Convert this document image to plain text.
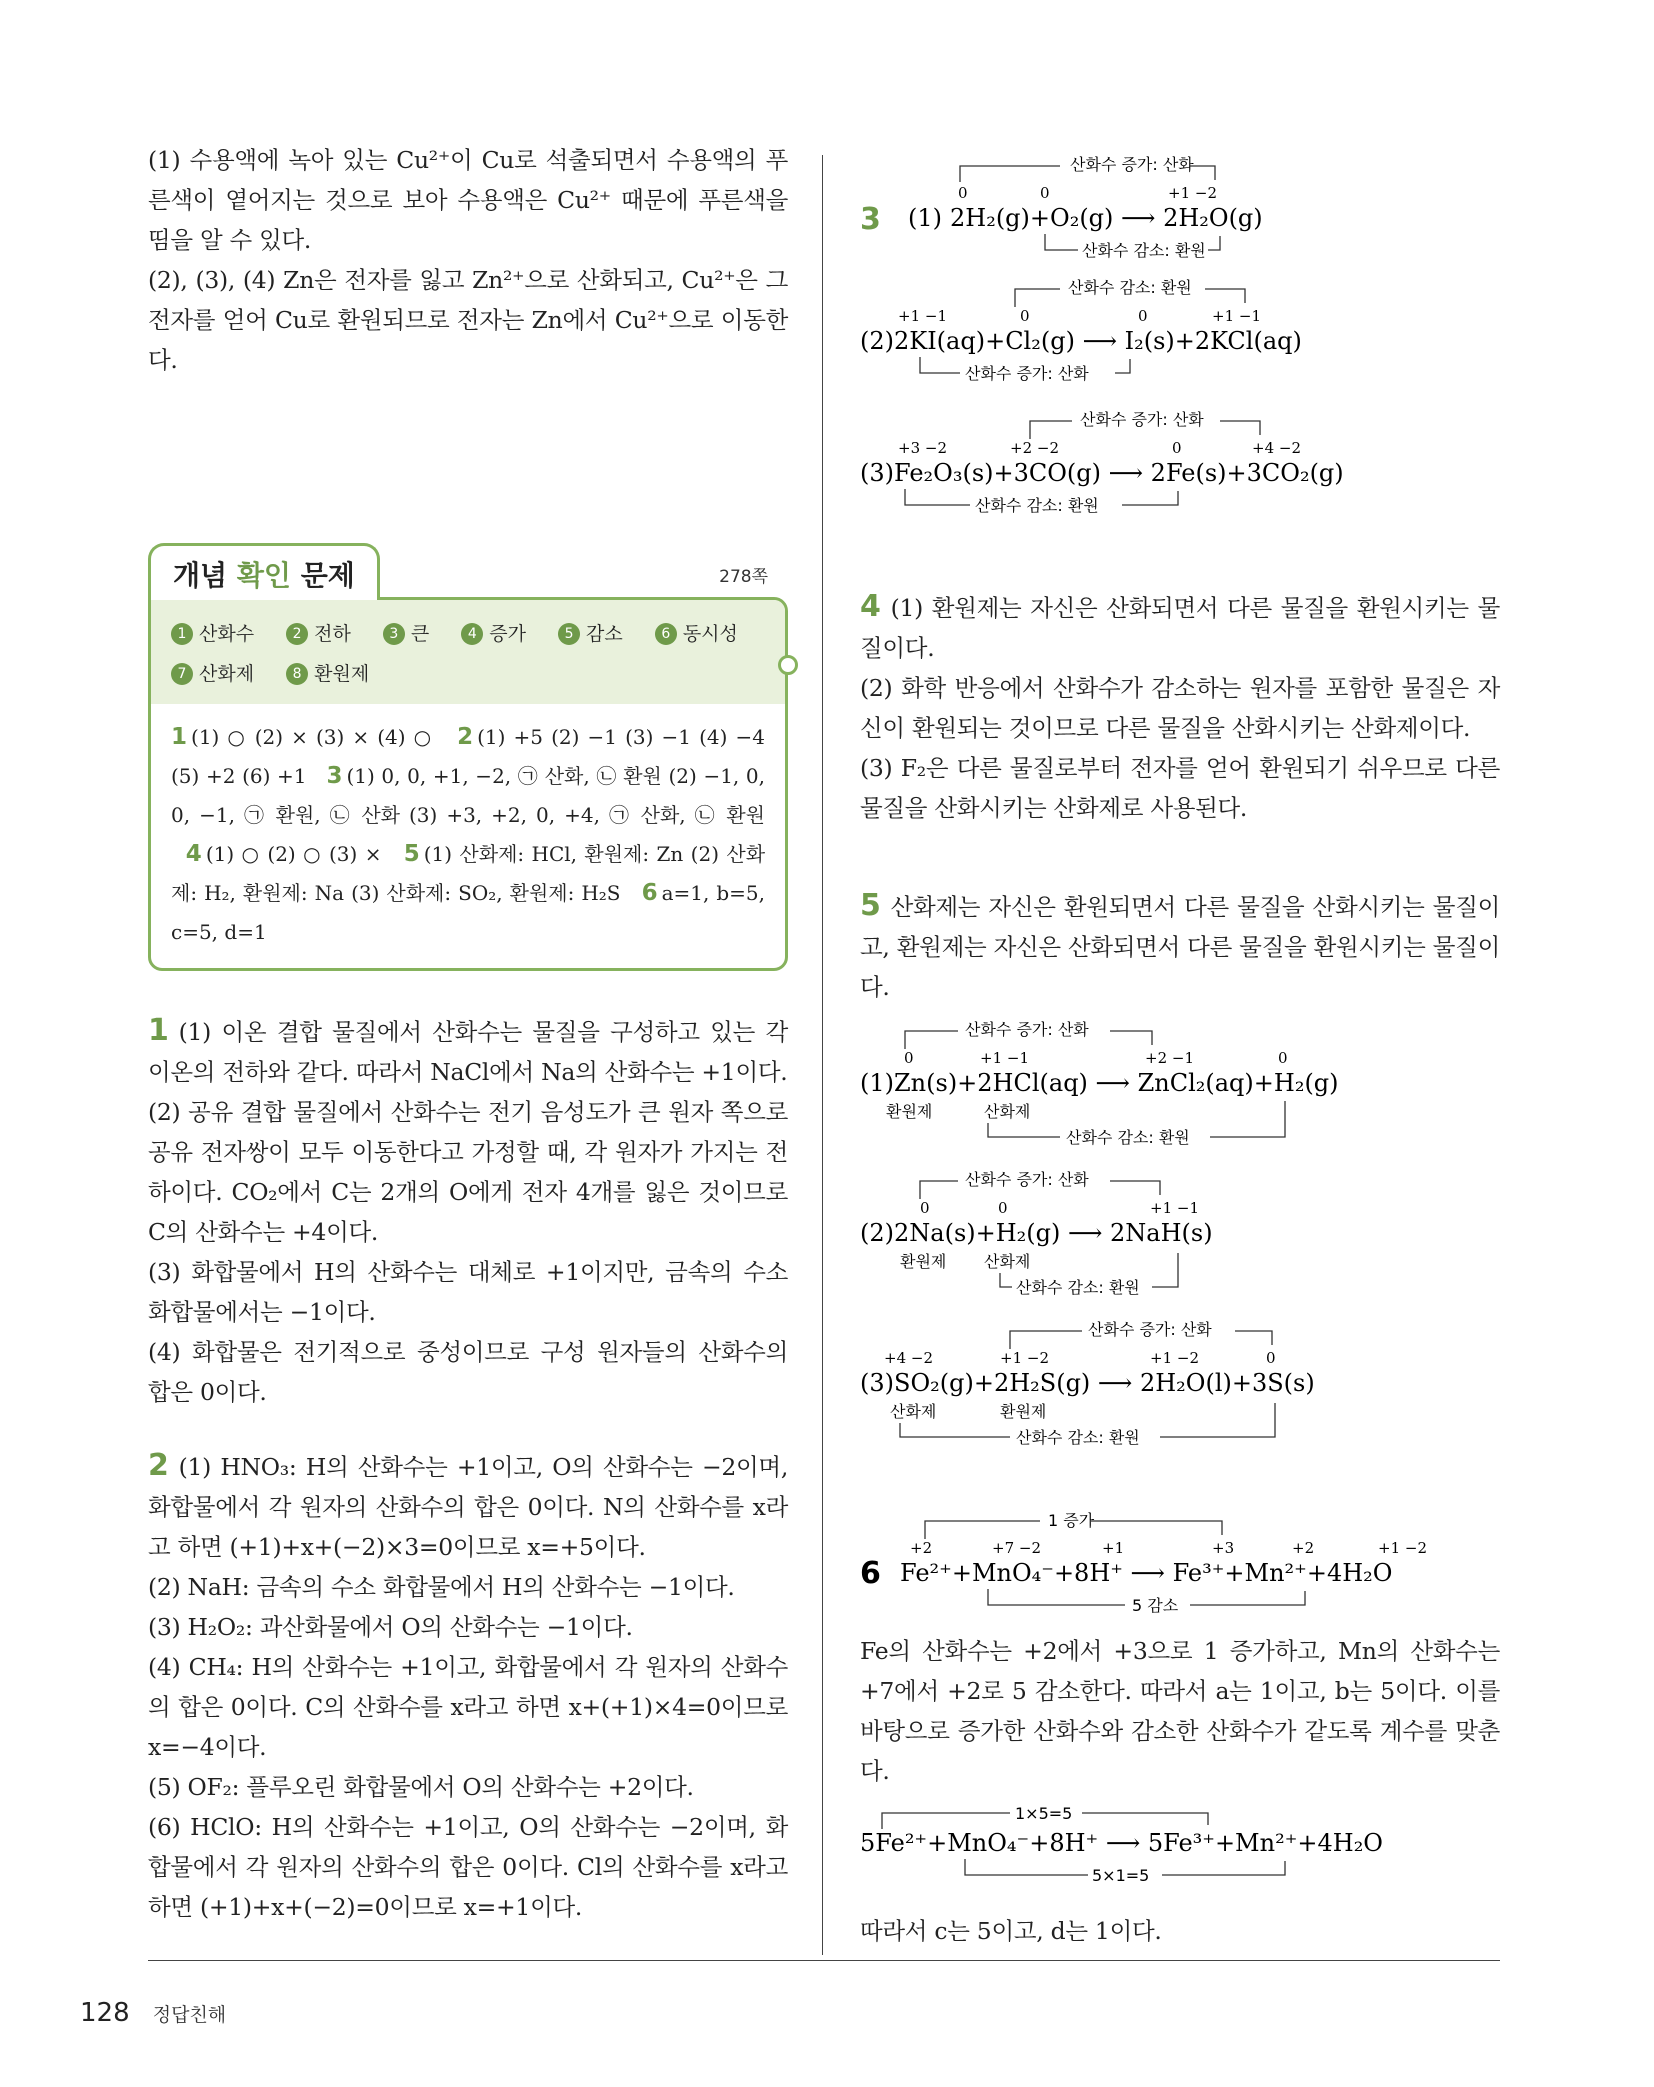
(1) 수용액에 녹아 있는 Cu²⁺이 Cu로 석출되면서 수용액의 푸른색이 옅어지는 것으로 보아 수용액은 Cu²⁺ 때문에 푸른색을 띰을 알 수 있다.

(2), (3), (4) Zn은 전자를 잃고 Zn²⁺으로 산화되고, Cu²⁺은 그 전자를 얻어 Cu로 환원되므로 전자는 Zn에서 Cu²⁺으로 이동한다.

개념 확인 문제	278쪽
1 산화수	2 전하	3 큰	4 증가	5 감소	6 동시성
7 산화제	8 환원제
1 (1) ○ (2) × (3) × (4) ○ 2 (1) +5 (2) −1 (3) −1 (4) −4 (5) +2 (6) +1 3 (1) 0, 0, +1, −2, ㉠ 산화, ㉡ 환원 (2) −1, 0, 0, −1, ㉠ 환원, ㉡ 산화 (3) +3, +2, 0, +4, ㉠ 산화, ㉡ 환원   4 (1) ○ (2) ○ (3) × 5 (1) 산화제: HCl, 환원제: Zn (2) 산화제: H₂, 환원제: Na (3) 산화제: SO₂, 환원제: H₂S 6 a=1, b=5, c=5, d=1

1 (1) 이온 결합 물질에서 산화수는 물질을 구성하고 있는 각 이온의 전하와 같다. 따라서 NaCl에서 Na의 산화수는 +1이다.

(2) 공유 결합 물질에서 산화수는 전기 음성도가 큰 원자 쪽으로 공유 전자쌍이 모두 이동한다고 가정할 때, 각 원자가 가지는 전하이다. CO₂에서 C는 2개의 O에게 전자 4개를 잃은 것이므로 C의 산화수는 +4이다.

(3) 화합물에서 H의 산화수는 대체로 +1이지만, 금속의 수소 화합물에서는 −1이다.

(4) 화합물은 전기적으로 중성이므로 구성 원자들의 산화수의 합은 0이다.

2 (1) HNO₃: H의 산화수는 +1이고, O의 산화수는 −2이며, 화합물에서 각 원자의 산화수의 합은 0이다. N의 산화수를 x라고 하면 (+1)+x+(−2)×3=0이므로 x=+5이다.

(2) NaH: 금속의 수소 화합물에서 H의 산화수는 −1이다.

(3) H₂O₂: 과산화물에서 O의 산화수는 −1이다.

(4) CH₄: H의 산화수는 +1이고, 화합물에서 각 원자의 산화수의 합은 0이다. C의 산화수를 x라고 하면 x+(+1)×4=0이므로 x=−4이다.

(5) OF₂: 플루오린 화합물에서 O의 산화수는 +2이다.

(6) HClO: H의 산화수는 +1이고, O의 산화수는 −2이며, 화합물에서 각 원자의 산화수의 합은 0이다. Cl의 산화수를 x라고 하면 (+1)+x+(−2)=0이므로 x=+1이다.

3
산화수 증가: 산화
0	0	+1 −2
(1) 2H₂(g)+O₂(g) ⟶ 2H₂O(g)
산화수 감소: 환원
산화수 감소: 환원
+1 −1	0	0	+1 −1
(2) 2KI(aq)+Cl₂(g) ⟶ I₂(s)+2KCl(aq)
산화수 증가: 산화
산화수 증가: 산화
+3 −2	+2 −2	0	+4 −2
(3) Fe₂O₃(s)+3CO(g) ⟶ 2Fe(s)+3CO₂(g)
산화수 감소: 환원

4 (1) 환원제는 자신은 산화되면서 다른 물질을 환원시키는 물질이다.

(2) 화학 반응에서 산화수가 감소하는 원자를 포함한 물질은 자신이 환원되는 것이므로 다른 물질을 산화시키는 산화제이다.

(3) F₂은 다른 물질로부터 전자를 얻어 환원되기 쉬우므로 다른 물질을 산화시키는 산화제로 사용된다.

5 산화제는 자신은 환원되면서 다른 물질을 산화시키는 물질이고, 환원제는 자신은 산화되면서 다른 물질을 환원시키는 물질이다.

산화수 증가: 산화
0	+1 −1	+2 −1	0
(1) Zn(s)+2HCl(aq) ⟶ ZnCl₂(aq)+H₂(g)
환원제	산화제
산화수 감소: 환원
산화수 증가: 산화
0	0	+1 −1
(2) 2Na(s)+H₂(g) ⟶ 2NaH(s)
환원제 산화제
산화수 감소: 환원
산화수 증가: 산화
+4 −2	+1 −2	+1 −2	0
(3) SO₂(g)+2H₂S(g) ⟶ 2H₂O(l)+3S(s)
산화제	환원제
산화수 감소: 환원
1 증가
+2	+7 −2	+1	+3	+2	+1 −2
6 Fe²⁺+MnO₄⁻+8H⁺ ⟶ Fe³⁺+Mn²⁺+4H₂O
5 감소

Fe의 산화수는 +2에서 +3으로 1 증가하고, Mn의 산화수는 +7에서 +2로 5 감소한다. 따라서 a는 1이고, b는 5이다. 이를 바탕으로 증가한 산화수와 감소한 산화수가 같도록 계수를 맞춘다.

1×5=5
5Fe²⁺+MnO₄⁻+8H⁺ ⟶ 5Fe³⁺+Mn²⁺+4H₂O
5×1=5

따라서 c는 5이고, d는 1이다.

128 정답친해
